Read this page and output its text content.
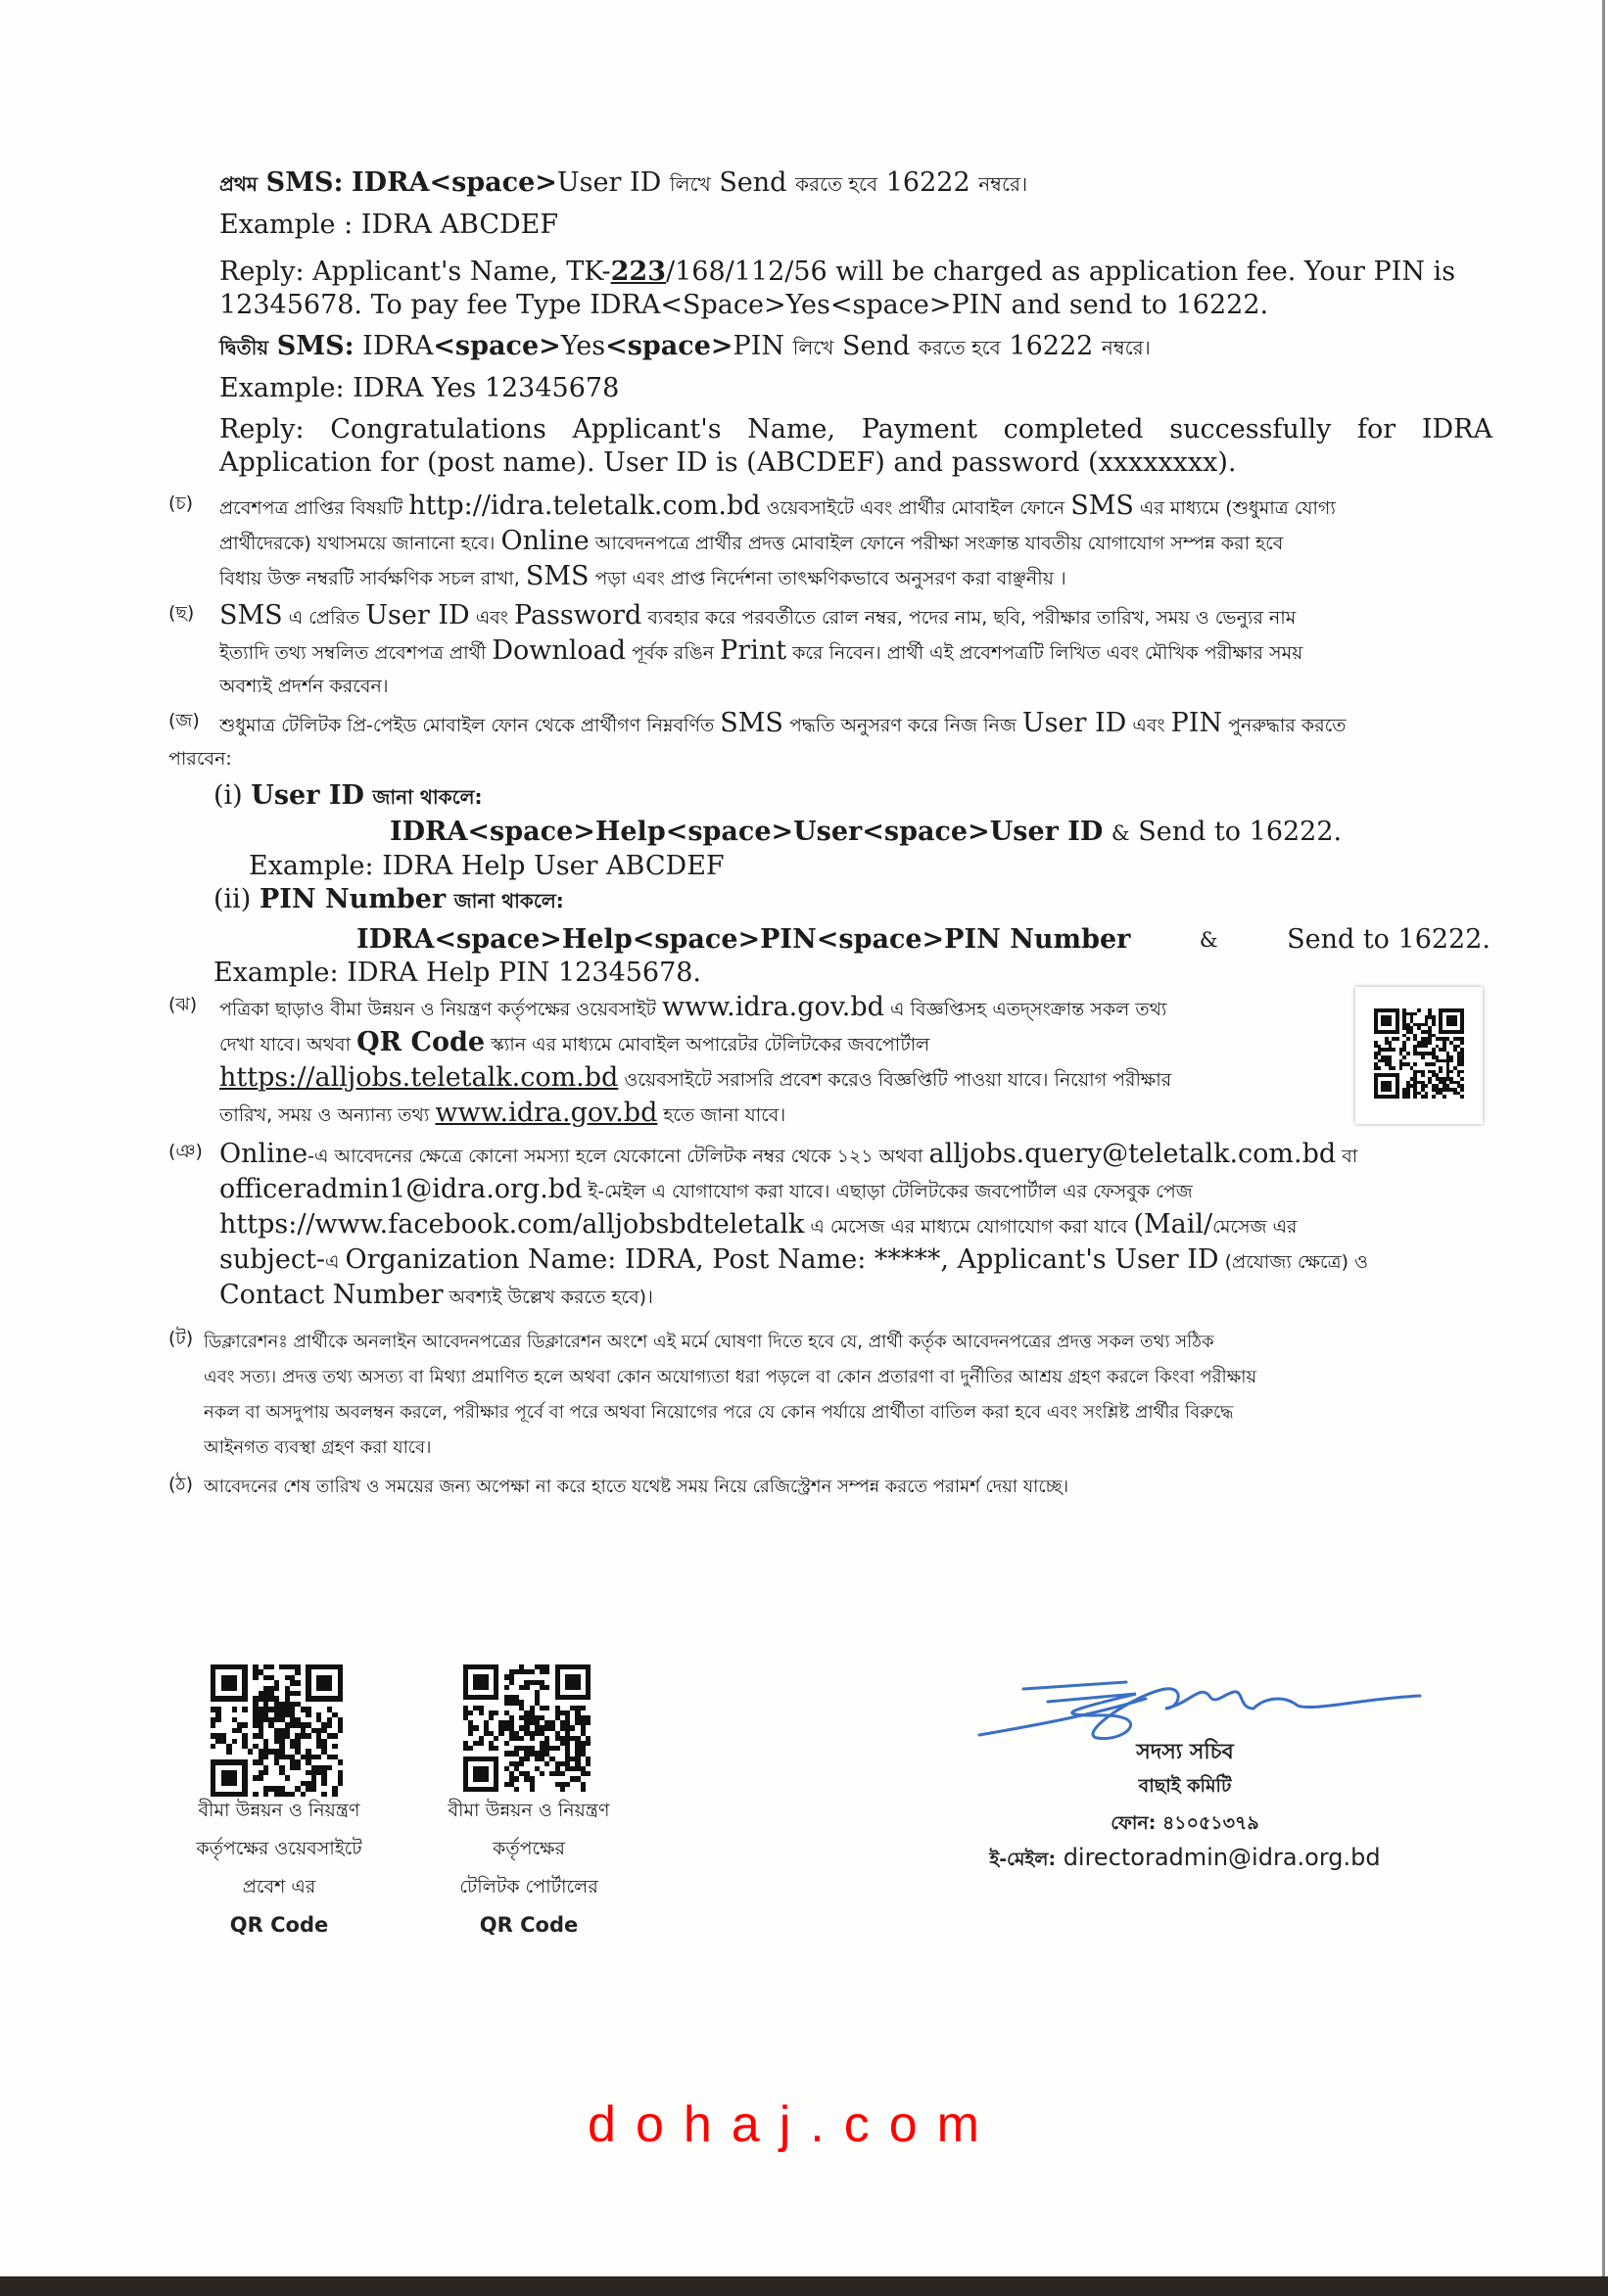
প্রথম SMS: IDRA<space>User ID লিখে Send করতে হবে 16222 নম্বরে।
Example : IDRA ABCDEF
Reply: Applicant's Name, TK-223/168/112/56 will be charged as application fee. Your PIN is
12345678. To pay fee Type IDRA<Space>Yes<space>PIN and send to 16222.
দ্বিতীয় SMS: IDRA<space>Yes<space>PIN লিখে Send করতে হবে 16222 নম্বরে।
Example: IDRA Yes 12345678
Reply: Congratulations Applicant's Name, Payment completed successfully for IDRA
Application for (post name). User ID is (ABCDEF) and password (xxxxxxxx).
(চ) প্রবেশপত্র প্রাপ্তির বিষয়টি http://idra.teletalk.com.bd ওয়েবসাইটে এবং প্রার্থীর মোবাইল ফোনে SMS এর মাধ্যমে (শুধুমাত্র যোগ্য
প্রার্থীদেরকে) যথাসময়ে জানানো হবে। Online আবেদনপত্রে প্রার্থীর প্রদত্ত মোবাইল ফোনে পরীক্ষা সংক্রান্ত যাবতীয় যোগাযোগ সম্পন্ন করা হবে
বিধায় উক্ত নম্বরটি সার্বক্ষণিক সচল রাখা, SMS পড়া এবং প্রাপ্ত নির্দেশনা তাৎক্ষণিকভাবে অনুসরণ করা বাঞ্ছনীয় ।
(ছ) SMS এ প্রেরিত User ID এবং Password ব্যবহার করে পরবর্তীতে রোল নম্বর, পদের নাম, ছবি, পরীক্ষার তারিখ, সময় ও ভেন্যুর নাম
ইত্যাদি তথ্য সম্বলিত প্রবেশপত্র প্রার্থী Download পূর্বক রঙিন Print করে নিবেন। প্রার্থী এই প্রবেশপত্রটি লিখিত এবং মৌখিক পরীক্ষার সময়
অবশ্যই প্রদর্শন করবেন।
(জ) শুধুমাত্র টেলিটক প্রি-পেইড মোবাইল ফোন থেকে প্রার্থীগণ নিম্নবর্ণিত SMS পদ্ধতি অনুসরণ করে নিজ নিজ User ID এবং PIN পুনরুদ্ধার করতে
পারবেন:
(i) User ID জানা থাকলে:
IDRA<space>Help<space>User<space>User ID & Send to 16222.
Example: IDRA Help User ABCDEF
(ii) PIN Number জানা থাকলে:
IDRA<space>Help<space>PIN<space>PIN Number	&	Send to 16222.
Example: IDRA Help PIN 12345678.
(ঝ) পত্রিকা ছাড়াও বীমা উন্নয়ন ও নিয়ন্ত্রণ কর্তৃপক্ষের ওয়েবসাইট www.idra.gov.bd এ বিজ্ঞপ্তিসহ এতদ্‌সংক্রান্ত সকল তথ্য
দেখা যাবে। অথবা QR Code স্ক্যান এর মাধ্যমে মোবাইল অপারেটর টেলিটকের জবপোর্টাল
https://alljobs.teletalk.com.bd ওয়েবসাইটে সরাসরি প্রবেশ করেও বিজ্ঞপ্তিটি পাওয়া যাবে। নিয়োগ পরীক্ষার
তারিখ, সময় ও অন্যান্য তথ্য www.idra.gov.bd হতে জানা যাবে।
(ঞ) Online-এ আবেদনের ক্ষেত্রে কোনো সমস্যা হলে যেকোনো টেলিটক নম্বর থেকে ১২১ অথবা alljobs.query@teletalk.com.bd বা
officeradmin1@idra.org.bd ই-মেইল এ যোগাযোগ করা যাবে। এছাড়া টেলিটকের জবপোর্টাল এর ফেসবুক পেজ
https://www.facebook.com/alljobsbdteletalk এ মেসেজ এর মাধ্যমে যোগাযোগ করা যাবে (Mail/মেসেজ এর
subject-এ Organization Name: IDRA, Post Name: *****, Applicant's User ID (প্রযোজ্য ক্ষেত্রে) ও
Contact Number অবশ্যই উল্লেখ করতে হবে)।
(ট) ডিক্লারেশনঃ প্রার্থীকে অনলাইন আবেদনপত্রের ডিক্লারেশন অংশে এই মর্মে ঘোষণা দিতে হবে যে, প্রার্থী কর্তৃক আবেদনপত্রের প্রদত্ত সকল তথ্য সঠিক
এবং সত্য। প্রদত্ত তথ্য অসত্য বা মিথ্যা প্রমাণিত হলে অথবা কোন অযোগ্যতা ধরা পড়লে বা কোন প্রতারণা বা দুর্নীতির আশ্রয় গ্রহণ করলে কিংবা পরীক্ষায়
নকল বা অসদুপায় অবলম্বন করলে, পরীক্ষার পূর্বে বা পরে অথবা নিয়োগের পরে যে কোন পর্যায়ে প্রার্থীতা বাতিল করা হবে এবং সংশ্লিষ্ট প্রার্থীর বিরুদ্ধে
আইনগত ব্যবস্থা গ্রহণ করা যাবে।
(ঠ) আবেদনের শেষ তারিখ ও সময়ের জন্য অপেক্ষা না করে হাতে যথেষ্ট সময় নিয়ে রেজিস্ট্রেশন সম্পন্ন করতে পরামর্শ দেয়া যাচ্ছে।
বীমা উন্নয়ন ও নিয়ন্ত্রণ
কর্তৃপক্ষের ওয়েবসাইটে
প্রবেশ এর
QR Code
বীমা উন্নয়ন ও নিয়ন্ত্রণ
কর্তৃপক্ষের
টেলিটক পোর্টালের
QR Code
সদস্য সচিব
বাছাই কমিটি
ফোন: ৪১০৫১৩৭৯
ই-মেইল: directoradmin@idra.org.bd
dohaj.com
